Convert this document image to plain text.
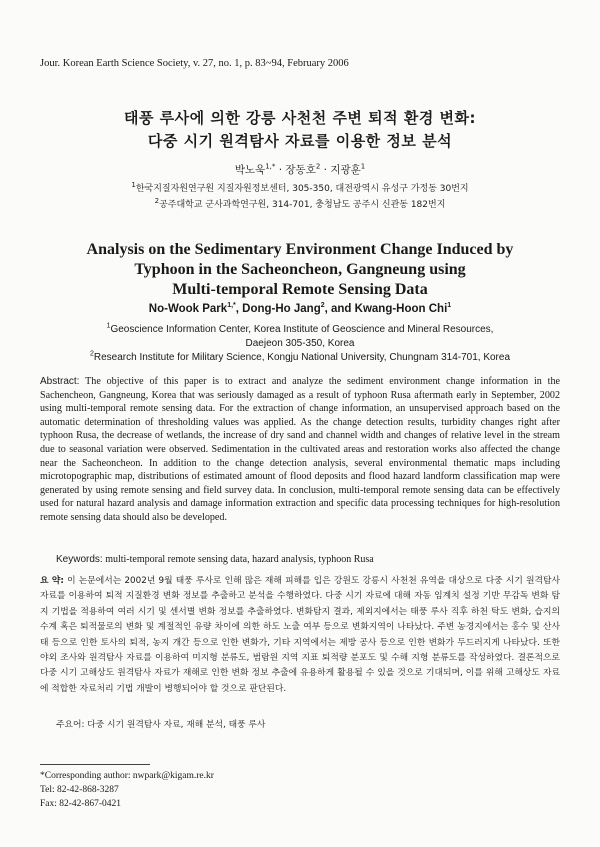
Jour. Korean Earth Science Society, v. 27, no. 1, p. 83~94, February 2006
태풍 루사에 의한 강릉 사천천 주변 퇴적 환경 변화:
다중 시기 원격탐사 자료를 이용한 정보 분석
박노욱$^{1,*}$ · 장동호$^2$ · 지광훈$^1$
$^1$한국지질자원연구원 지질자원정보센터, 305-350, 대전광역시 유성구 가정동 30번지
$^2$공주대학교 군사과학연구원, 314-701, 충청남도 공주시 신관동 182번지
Analysis on the Sedimentary Environment Change Induced by
Typhoon in the Sacheoncheon, Gangneung using
Multi-temporal Remote Sensing Data
No-Wook Park$^{1,*}$, Dong-Ho Jang$^2$, and Kwang-Hoon Chi$^1$
$^1$Geoscience Information Center, Korea Institute of Geoscience and Mineral Resources,
Daejeon 305-350, Korea
$^2$Research Institute for Military Science, Kongju National University, Chungnam 314-701, Korea
Abstract: The objective of this paper is to extract and analyze the sediment environment change information in the Sachencheon, Gangneung, Korea that was seriously damaged as a result of typhoon Rusa aftermath early in September, 2002 using multi-temporal remote sensing data. For the extraction of change information, an unsupervised approach based on the automatic determination of thresholding values was applied. As the change detection results, turbidity changes right after typhoon Rusa, the decrease of wetlands, the increase of dry sand and channel width and changes of relative level in the stream due to seasonal variation were observed. Sedimentation in the cultivated areas and restoration works also affected the change near the Sacheoncheon. In addition to the change detection analysis, several environmental thematic maps including microtopographic map, distributions of estimated amount of flood deposits and flood hazard landform classification map were generated by using remote sensing and field survey data. In conclusion, multi-temporal remote sensing data can be effectively used for natural hazard analysis and damage information extraction and specific data processing techniques for high-resolution remote sensing data should also be developed.
Keywords: multi-temporal remote sensing data, hazard analysis, typhoon Rusa
요 약: 이 논문에서는 2002년 9월 태풍 루사로 인해 많은 재해 피해를 입은 강원도 강릉시 사천천 유역을 대상으로 다중 시기 원격탐사 자료를 이용하여 퇴적 지질환경 변화 정보를 추출하고 분석을 수행하였다. 다중 시기 자료에 대해 자동 임계치 설정 기반 무감독 변화 탐지 기법을 적용하여 여러 시기 및 센서별 변화 정보를 추출하였다. 변화탐지 결과, 제외지에서는 태풍 루사 직후 하천 탁도 변화, 습지의 수계 혹은 퇴적물로의 변화 및 계절적인 유량 차이에 의한 하도 노출 여부 등으로 변화지역이 나타났다. 주변 농경지에서는 홍수 및 산사태 등으로 인한 토사의 퇴적, 농지 개간 등으로 인한 변화가, 기타 지역에서는 제방 공사 등으로 인한 변화가 두드러지게 나타났다. 또한 야외 조사와 원격탐사 자료를 이용하여 미지형 분류도, 범람원 지역 지표 퇴적량 분포도 및 수해 지형 분류도를 작성하였다. 결론적으로 다중 시기 고해상도 원격탐사 자료가 재해로 인한 변화 정보 추출에 유용하게 활용될 수 있을 것으로 기대되며, 이를 위해 고해상도 자료에 적합한 자료처리 기법 개발이 병행되어야 할 것으로 판단된다.
주요어: 다중 시기 원격탐사 자료, 재해 분석, 태풍 루사
*Corresponding author: nwpark@kigam.re.kr
Tel: 82-42-868-3287
Fax: 82-42-867-0421
